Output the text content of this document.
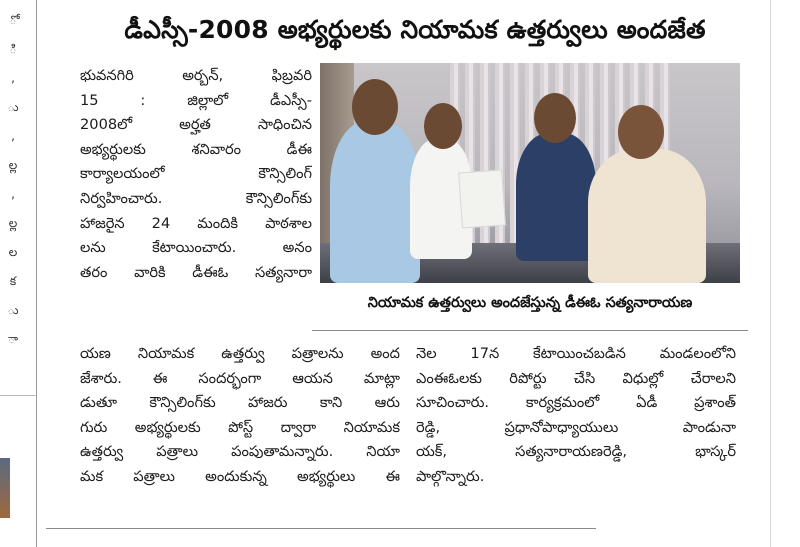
ో
ి
,
ు
,
ల్ల
,
ల్ల
ల
క
ు
ా
డీఎస్సీ-2008 అభ్యర్థులకు నియామక ఉత్తర్వులు అందజేత
భువనగిరి అర్బన్, ఫిబ్రవరి
15 : జిల్లాలో డీఎస్సీ-
2008లో అర్హత సాధించిన
అభ్యర్థులకు శనివారం డీఈ
కార్యాలయంలో కౌన్సిలింగ్
నిర్వహించారు. కౌన్సిలింగ్‌కు
హాజరైన 24 మందికి పాఠశాల
లను కేటాయించారు. అనం
తరం వారికి డీఈఓ సత్యనారా
నియామక ఉత్తర్వులు అందజేస్తున్న డీఈఓ సత్యనారాయణ
యణ నియామక ఉత్తర్వు పత్రాలను అంద
జేశారు. ఈ సందర్భంగా ఆయన మాట్లా
డుతూ కౌన్సిలింగ్‌కు హాజరు కాని ఆరు
గురు అభ్యర్థులకు పోస్ట్ ద్వారా నియామక
ఉత్తర్వు పత్రాలు పంపుతామన్నారు. నియా
మక పత్రాలు అందుకున్న అభ్యర్థులు ఈ
నెల 17న కేటాయించబడిన మండలంలోని
ఎంఈఓలకు రిపోర్టు చేసి విధుల్లో చేరాలని
సూచించారు. కార్యక్రమంలో ఏడీ ప్రశాంత్
రెడ్డి, ప్రధానోపాధ్యాయులు పాండునా
యక్, సత్యనారాయణరెడ్డి, భాస్కర్
పాల్గొన్నారు.
